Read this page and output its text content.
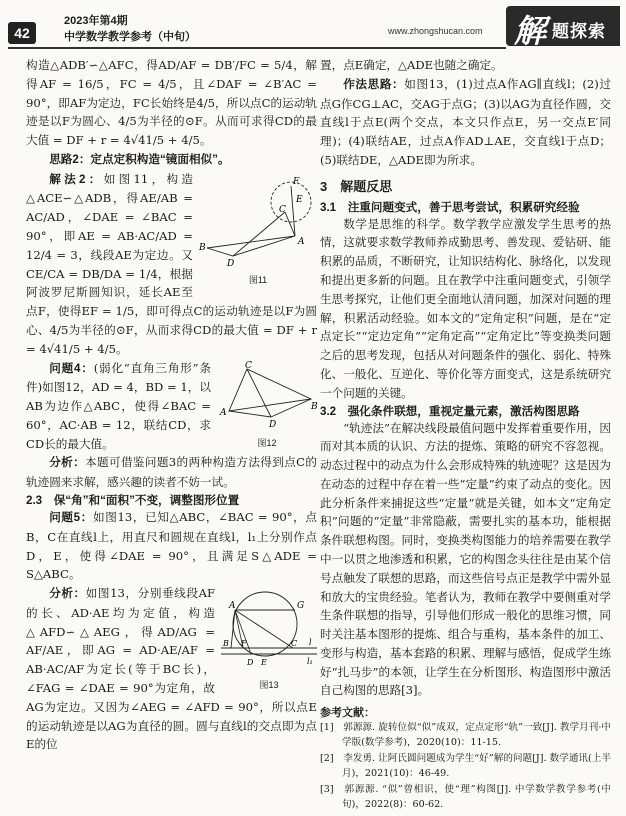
42
2023年第4期
中学数学教学参考（中旬）	www.zhongshucan.com 解 题探索

构造△ADB′∽△AFC，得AD/AF = DB′/FC = 5/4，解得AF = 16/5，FC = 4/5，且∠DAF = ∠B′AC = 90°，即AF为定边，FC长始终是4/5，所以点C的运动轨迹是以F为圆心、4/5为半径的⊙F。从而可求得CD的最大值 = DF + r = 4√41/5 + 4/5。

思路2：定点定积构造“镜面相似”。

A
B
C
D
E
F
图11

解法2：如图11，构造△ACE∽△ADB，得AE/AB = AC/AD，∠DAE = ∠BAC = 90°，即AE = AB·AC/AD = 12/4 = 3，线段AE为定边。又CE/CA = DB/DA = 1/4，根据阿波罗尼斯圆知识，延长AE至点F，使得EF = 1/5，即可得点C的运动轨迹是以F为圆心、4/5为半径的⊙F，从而求得CD的最大值 = DF + r = 4√41/5 + 4/5。

A
B
C
D
图12

问题4：(弱化“直角三角形”条件)如图12，AD = 4，BD = 1，以AB为边作△ABC，使得∠BAC = 60°，AC·AB = 12，联结CD，求CD长的最大值。

分析：本题可借鉴问题3的两种构造方法得到点C的轨迹圆来求解，感兴趣的读者不妨一试。

2.3　保“角”和“面积”不变，调整图形位置

问题5：如图13，已知△ABC，∠BAC = 90°，点B，C在直线l上，用直尺和圆规在直线l，l₁上分别作点D，E，使得∠DAE = 90°，且满足S△ADE = S△ABC。

A
B	C
D E
F
G
l
l₁
图13

分析：如图13，分别垂线段AF的长、AD·AE均为定值，构造△AFD∽△AEG，得AD/AG = AF/AE，即AG = AD·AE/AF = AB·AC/AF为定长(等于BC长)，∠FAG = ∠DAE = 90°为定角，故AG为定边。又因为∠AEG = ∠AFD = 90°，所以点E的运动轨迹是以AG为直径的圆。圆与直线l的交点即为点E的位

置，点E确定，△ADE也随之确定。

作法思路：如图13，(1)过点A作AG∥直线l；(2)过点G作CG⊥AC，交AG于点G；(3)以AG为直径作圆，交直线l于点E(两个交点，本文只作点E，另一交点E′同理)；(4)联结AE，过点A作AD⊥AE，交直线l于点D；(5)联结DE，△ADE即为所求。

3　解题反思
3.1　注重问题变式，善于思考尝试，积累研究经验

数学是思维的科学。数学教学应激发学生思考的热情，这就要求数学教师养成勤思考、善发现、爱钻研、能积累的品质，不断研究，让知识结构化、脉络化，以发现和提出更多新的问题。且在教学中注重问题变式，引领学生思考探究，让他们更全面地认清问题，加深对问题的理解，积累活动经验。如本文的“定角定积”问题，是在“定点定长”“定边定角”“定角定高”“定角定比”等变换类问题之后的思考发现，包括从对问题条件的强化、弱化、特殊化、一般化、互逆化、等价化等方面变式，这是系统研究一个问题的关键。

3.2　强化条件联想，重视定量元素，激活构图思路

“轨迹法”在解决线段最值问题中发挥着重要作用，因而对其本质的认识、方法的提炼、策略的研究不容忽视。动态过程中的动点为什么会形成特殊的轨迹呢？这是因为在动态的过程中存在着一些“定量”约束了动点的变化。因此分析条件来捕捉这些“定量”就是关键，如本文“定角定积”问题的“定量”非常隐蔽，需要扎实的基本功，能根据条件联想构图。同时，变换类构图能力的培养需要在教学中一以贯之地渗透和积累，它的构图念头往往是由某个信号点触发了联想的思路，而这些信号点正是教学中需外显和放大的宝贵经验。笔者认为，教师在教学中要侧重对学生条件联想的指导，引导他们形成一般化的思维习惯，同时关注基本图形的提炼、组合与重构，基本条件的加工、变形与构造，基本套路的积累、理解与感悟，促成学生练好“扎马步”的本领，让学生在分析图形、构造图形中激活自己构图的思路[3]。

参考文献：

[1]　郭源源. 旋转位似“似”成双，定点定形“轨”一致[J]. 教学月刊·中学版(数学参考)，2020(10)：11-15.

[2]　李发勇. 让阿氏圆问题成为学生“好”解的问题[J]. 数学通讯(上半月)，2021(10)：46-49.

[3]　郭源源. “似”曾相识，使“理”构图[J]. 中学数学教学参考(中旬)，2022(8)：60-62.
